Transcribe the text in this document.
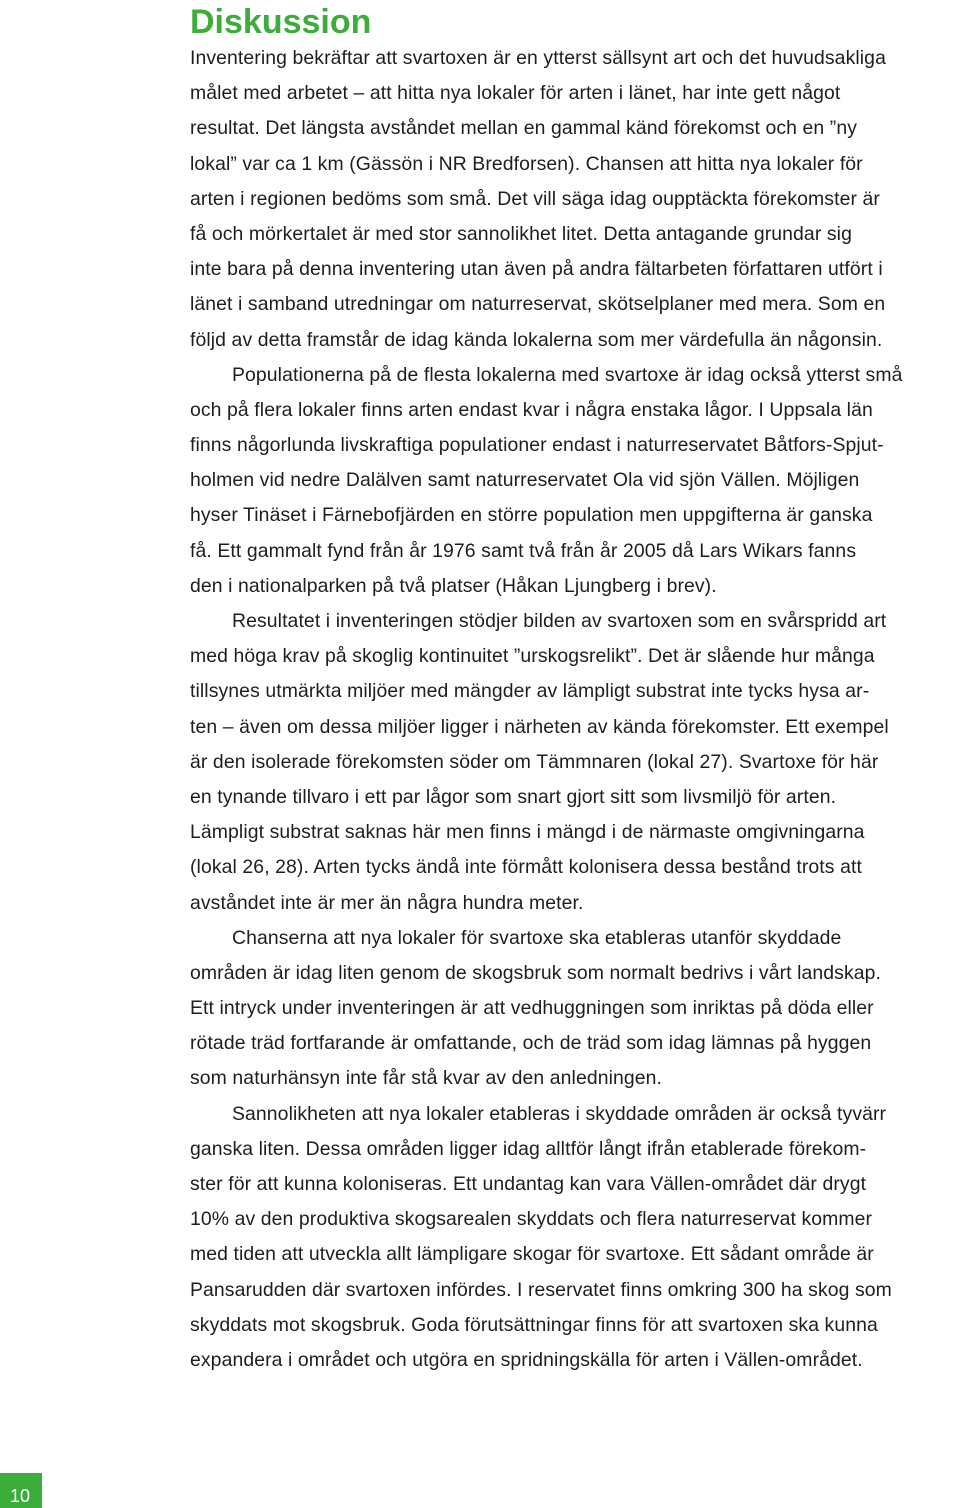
Diskussion

Inventering bekräftar att svartoxen är en ytterst sällsynt art och det huvudsakliga
målet med arbetet – att hitta nya lokaler för arten i länet, har inte gett något
resultat. Det längsta avståndet mellan en gammal känd förekomst och en ”ny
lokal” var ca 1 km (Gässön i NR Bredforsen). Chansen att hitta nya lokaler för
arten i regionen bedöms som små. Det vill säga idag oupptäckta förekomster är
få och mörkertalet är med stor sannolikhet litet. Detta antagande grundar sig
inte bara på denna inventering utan även på andra fältarbeten författaren utfört i
länet i samband utredningar om naturreservat, skötselplaner med mera. Som en
följd av detta framstår de idag kända lokalerna som mer värdefulla än någonsin.

Populationerna på de flesta lokalerna med svartoxe är idag också ytterst små
och på flera lokaler finns arten endast kvar i några enstaka lågor. I Uppsala län
finns någorlunda livskraftiga populationer endast i naturreservatet Båtfors-Spjut-
holmen vid nedre Dalälven samt naturreservatet Ola vid sjön Vällen. Möjligen
hyser Tinäset i Färnebofjärden en större population men uppgifterna är ganska
få. Ett gammalt fynd från år 1976 samt två från år 2005 då Lars Wikars fanns
den i nationalparken på två platser (Håkan Ljungberg i brev).

Resultatet i inventeringen stödjer bilden av svartoxen som en svårspridd art
med höga krav på skoglig kontinuitet ”urskogsrelikt”. Det är slående hur många
tillsynes utmärkta miljöer med mängder av lämpligt substrat inte tycks hysa ar-
ten – även om dessa miljöer ligger i närheten av kända förekomster. Ett exempel
är den isolerade förekomsten söder om Tämmnaren (lokal 27). Svartoxe för här
en tynande tillvaro i ett par lågor som snart gjort sitt som livsmiljö för arten.
Lämpligt substrat saknas här men finns i mängd i de närmaste omgivningarna
(lokal 26, 28). Arten tycks ändå inte förmått kolonisera dessa bestånd trots att
avståndet inte är mer än några hundra meter.

Chanserna att nya lokaler för svartoxe ska etableras utanför skyddade
områden är idag liten genom de skogsbruk som normalt bedrivs i vårt landskap.
Ett intryck under inventeringen är att vedhuggningen som inriktas på döda eller
rötade träd fortfarande är omfattande, och de träd som idag lämnas på hyggen
som naturhänsyn inte får stå kvar av den anledningen.

Sannolikheten att nya lokaler etableras i skyddade områden är också tyvärr
ganska liten. Dessa områden ligger idag alltför långt ifrån etablerade förekom-
ster för att kunna koloniseras. Ett undantag kan vara Vällen-området där drygt
10% av den produktiva skogsarealen skyddats och flera naturreservat kommer
med tiden att utveckla allt lämpligare skogar för svartoxe. Ett sådant område är
Pansarudden där svartoxen infördes. I reservatet finns omkring 300 ha skog som
skyddats mot skogsbruk. Goda förutsättningar finns för att svartoxen ska kunna
expandera i området och utgöra en spridningskälla för arten i Vällen-området.

10
